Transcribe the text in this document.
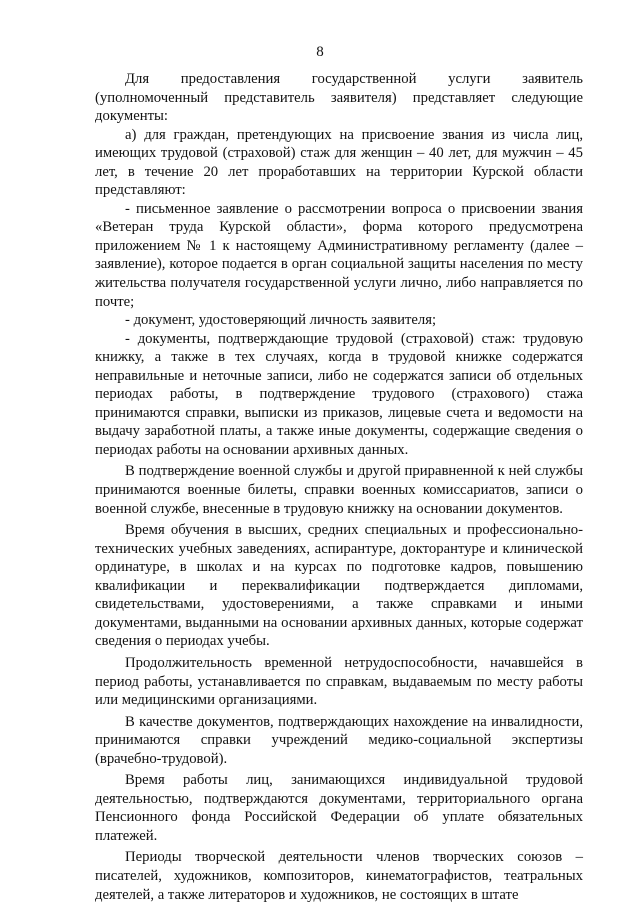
8

Для предоставления государственной услуги заявитель (уполномоченный представитель заявителя) представляет следующие документы:

а) для граждан, претендующих на присвоение звания из числа лиц, имеющих трудовой (страховой) стаж для женщин – 40 лет, для мужчин – 45 лет, в течение 20 лет проработавших на территории Курской области представляют:

- письменное заявление о рассмотрении вопроса о присвоении звания «Ветеран труда Курской области», форма которого предусмотрена приложением № 1 к настоящему Административному регламенту (далее – заявление), которое подается в орган социальной защиты населения по месту жительства получателя государственной услуги лично, либо направляется по почте;

- документ, удостоверяющий личность заявителя;

- документы, подтверждающие трудовой (страховой) стаж: трудовую книжку, а также в тех случаях, когда в трудовой книжке содержатся неправильные и неточные записи, либо не содержатся записи об отдельных периодах работы, в подтверждение трудового (страхового) стажа принимаются справки, выписки из приказов, лицевые счета и ведомости на выдачу заработной платы, а также иные документы, содержащие сведения о периодах работы на основании архивных данных.

В подтверждение военной службы и другой приравненной к ней службы принимаются военные билеты, справки военных комиссариатов, записи о военной службе, внесенные в трудовую книжку на основании документов.

Время обучения в высших, средних специальных и профессионально-технических учебных заведениях, аспирантуре, докторантуре и клинической ординатуре, в школах и на курсах по подготовке кадров, повышению квалификации и переквалификации подтверждается дипломами, свидетельствами, удостоверениями, а также справками и иными документами, выданными на основании архивных данных, которые содержат сведения о периодах учебы.

Продолжительность временной нетрудоспособности, начавшейся в период работы, устанавливается по справкам, выдаваемым по месту работы или медицинскими организациями.

В качестве документов, подтверждающих нахождение на инвалидности, принимаются справки учреждений медико-социальной экспертизы (врачебно-трудовой).

Время работы лиц, занимающихся индивидуальной трудовой деятельностью, подтверждаются документами, территориального органа Пенсионного фонда Российской Федерации об уплате обязательных платежей.

Периоды творческой деятельности членов творческих союзов – писателей, художников, композиторов, кинематографистов, театральных деятелей, а также литераторов и художников, не состоящих в штате
